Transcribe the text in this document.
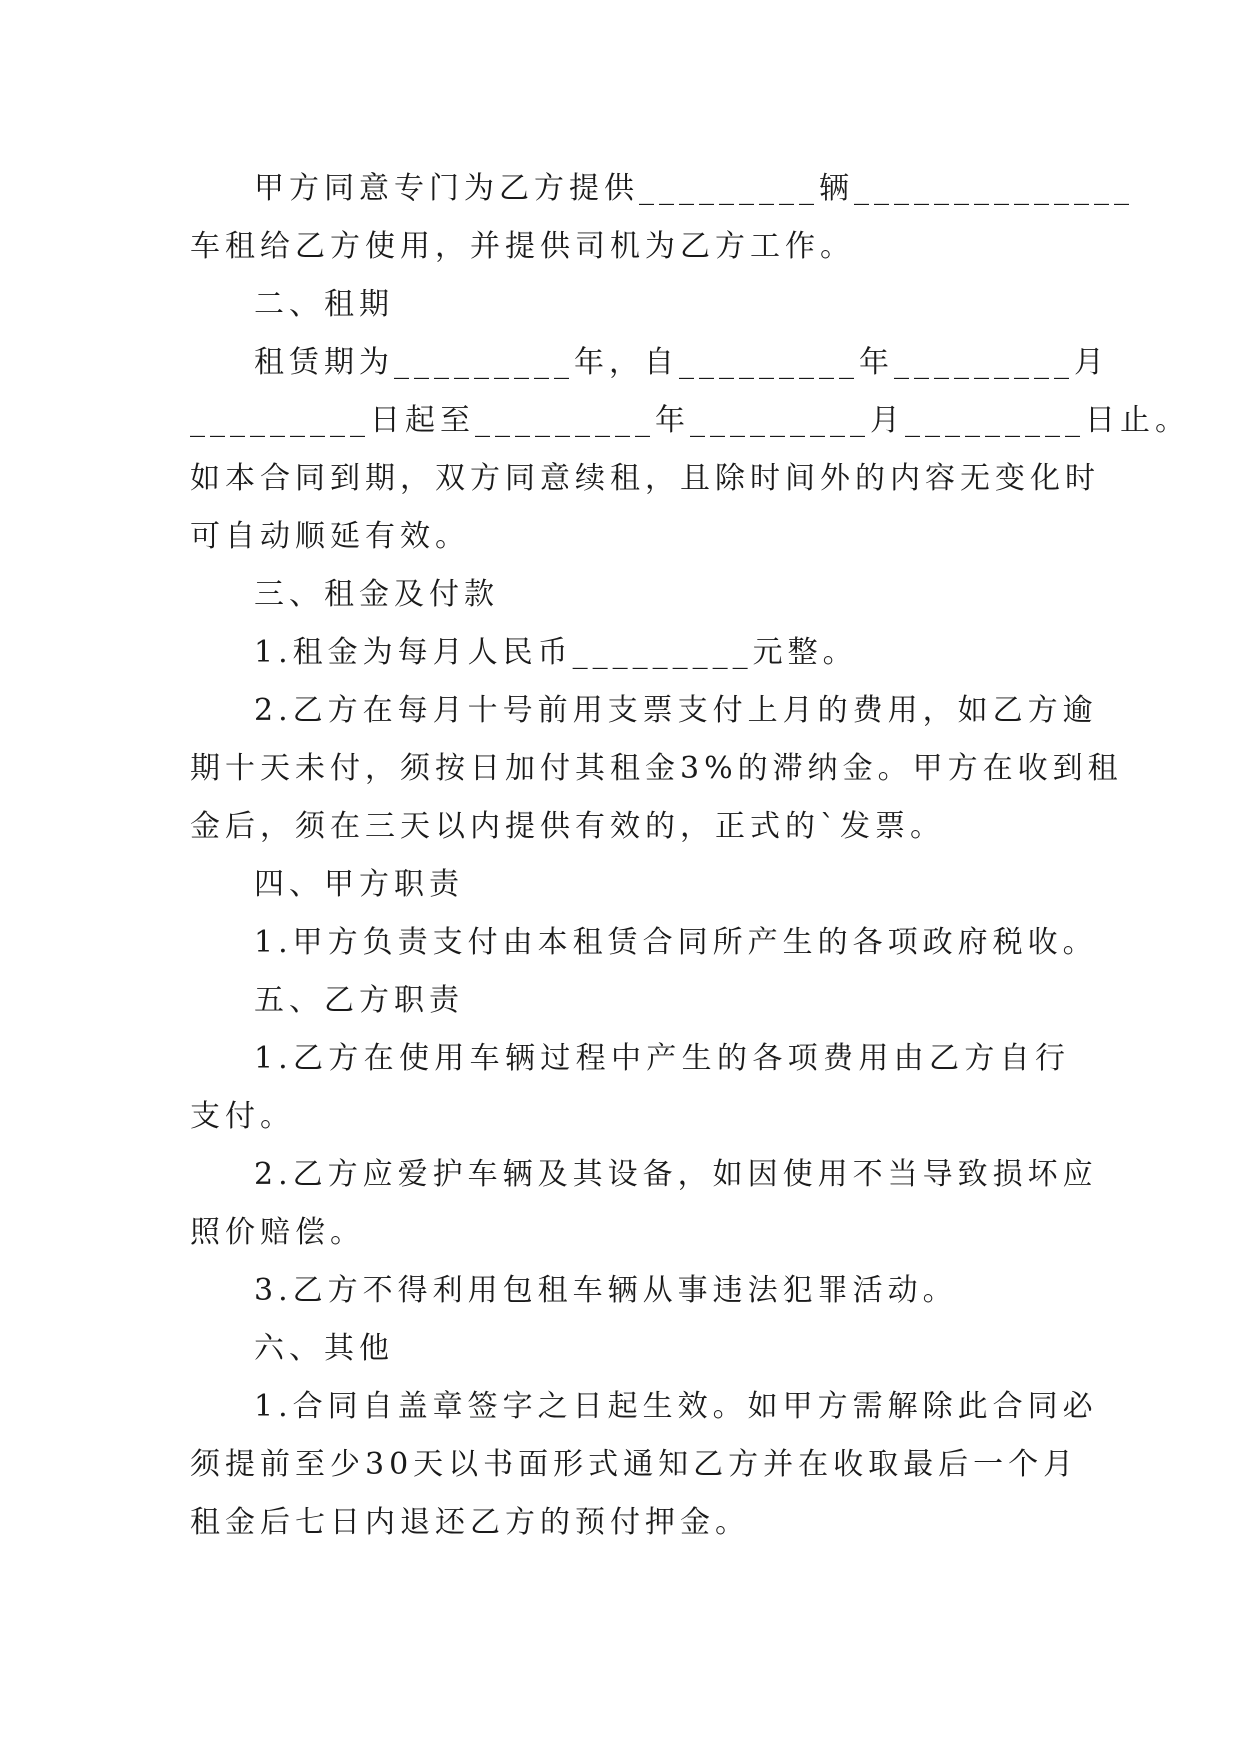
甲方同意专门为乙方提供_________辆______________
车租给乙方使用，并提供司机为乙方工作。
二、租期
租赁期为_________年，自_________年_________月
_________日起至_________年_________月_________日止。
如本合同到期，双方同意续租，且除时间外的内容无变化时
可自动顺延有效。
三、租金及付款
1.租金为每月人民币_________元整。
2.乙方在每月十号前用支票支付上月的费用，如乙方逾
期十天未付，须按日加付其租金3%的滞纳金。甲方在收到租
金后，须在三天以内提供有效的，正式的`发票。
四、甲方职责
1.甲方负责支付由本租赁合同所产生的各项政府税收。
五、乙方职责
1.乙方在使用车辆过程中产生的各项费用由乙方自行
支付。
2.乙方应爱护车辆及其设备，如因使用不当导致损坏应
照价赔偿。
3.乙方不得利用包租车辆从事违法犯罪活动。
六、其他
1.合同自盖章签字之日起生效。如甲方需解除此合同必
须提前至少30天以书面形式通知乙方并在收取最后一个月
租金后七日内退还乙方的预付押金。
